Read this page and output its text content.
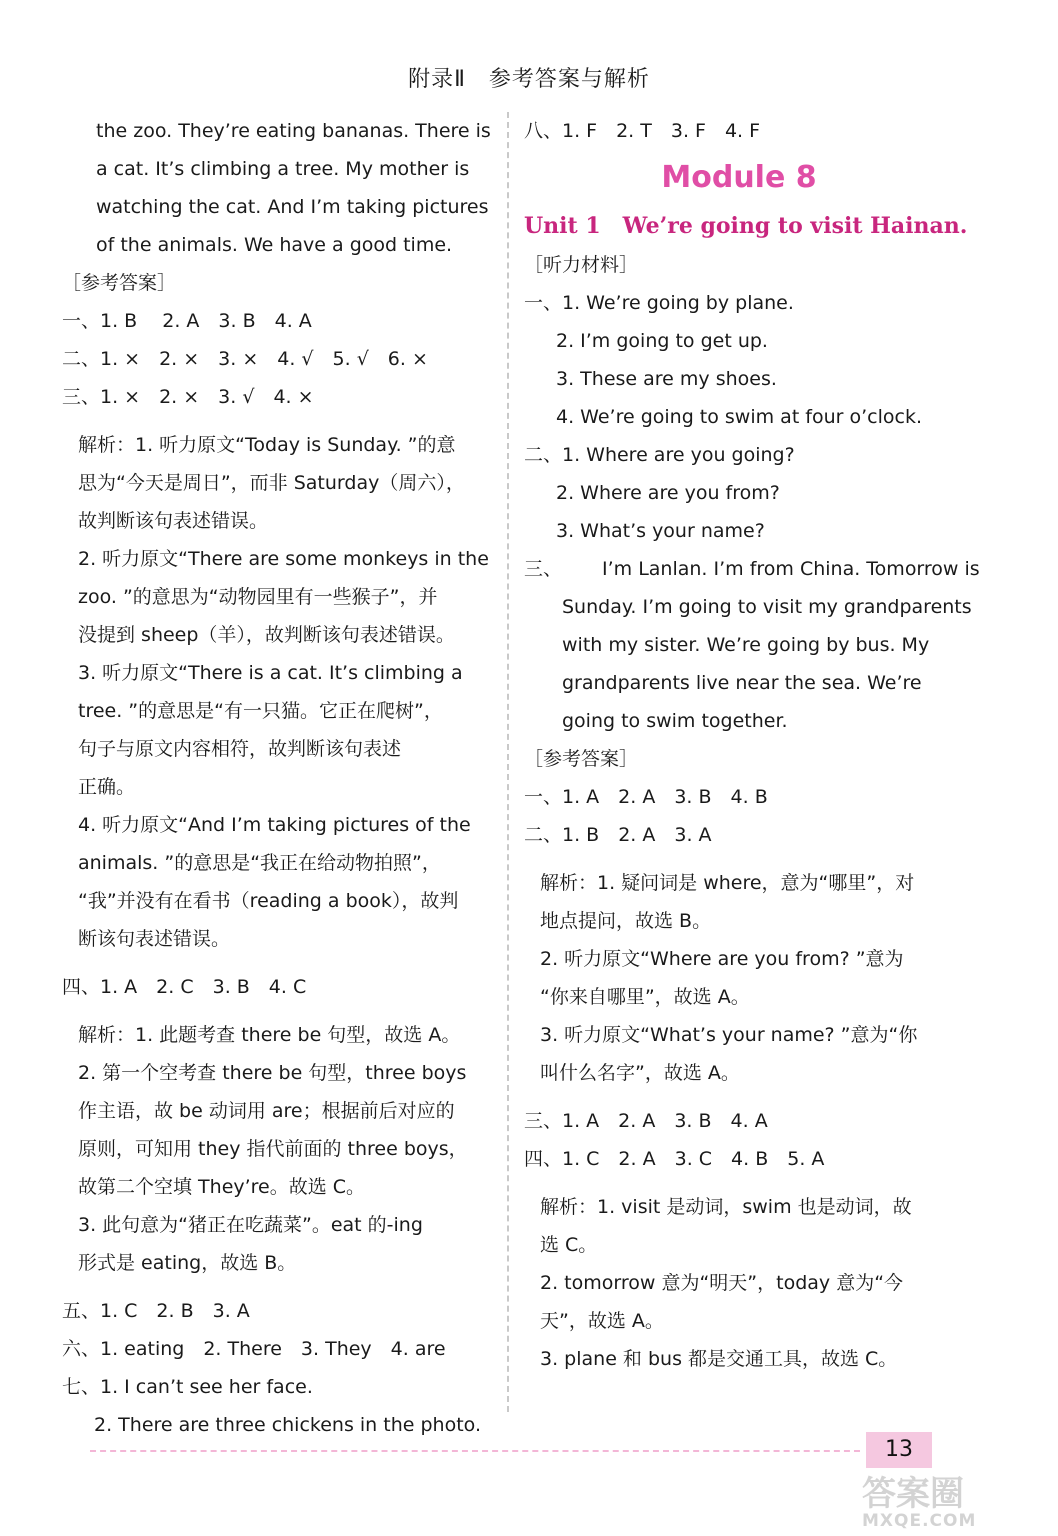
附录Ⅱ　参考答案与解析
the zoo. They’re eating bananas. There is
a cat. It’s climbing a tree. My mother is
watching the cat. And I’m taking pictures
of the animals. We have a good time.
［参考答案］
一、1. B　 2. A　3. B　4. A
二、1. ×　2. ×　3. ×　4. √　5. √　6. ×
三、1. ×　2. ×　3. √　4. ×
解析：1. 听力原文“Today is Sunday. ”的意
思为“今天是周日”，而非 Saturday（周六），
故判断该句表述错误。
2. 听力原文“There are some monkeys in the
zoo. ”的意思为“动物园里有一些猴子”，并
没提到 sheep（羊），故判断该句表述错误。
3. 听力原文“There is a cat. It’s climbing a
tree. ”的意思是“有一只猫。它正在爬树”，
句子与原文内容相符，故判断该句表述
正确。
4. 听力原文“And I’m taking pictures of the
animals. ”的意思是“我正在给动物拍照”，
“我”并没有在看书（reading a book），故判
断该句表述错误。
四、1. A　2. C　3. B　4. C
解析：1. 此题考查 there be 句型，故选 A。
2. 第一个空考查 there be 句型，three boys
作主语，故 be 动词用 are；根据前后对应的
原则，可知用 they 指代前面的 three boys，
故第二个空填 They’re。故选 C。
3. 此句意为“猪正在吃蔬菜”。eat 的-ing
形式是 eating，故选 B。
五、1. C　2. B　3. A
六、1. eating　2. There　3. They　4. are
七、1. I can’t see her face.
2. There are three chickens in the photo.
八、1. F　2. T　3. F　4. F
Module 8
Unit 1　We’re going to visit Hainan.
［听力材料］
一、1. We’re going by plane.
2. I’m going to get up.
3. These are my shoes.
4. We’re going to swim at four o’clock.
二、1. Where are you going?
2. Where are you from?
3. What’s your name?
三、	I’m Lanlan. I’m from China. Tomorrow is
Sunday. I’m going to visit my grandparents
with my sister. We’re going by bus. My
grandparents live near the sea. We’re
going to swim together.
［参考答案］
一、1. A　2. A　3. B　4. B
二、1. B　2. A　3. A
解析：1. 疑问词是 where，意为“哪里”，对
地点提问，故选 B。
2. 听力原文“Where are you from? ”意为
“你来自哪里”，故选 A。
3. 听力原文“What’s your name? ”意为“你
叫什么名字”，故选 A。
三、1. A　2. A　3. B　4. A
四、1. C　2. A　3. C　4. B　5. A
解析：1. visit 是动词，swim 也是动词，故
选 C。
2. tomorrow 意为“明天”，today 意为“今
天”，故选 A。
3. plane 和 bus 都是交通工具，故选 C。
13
答案圈
MXQE.COM
